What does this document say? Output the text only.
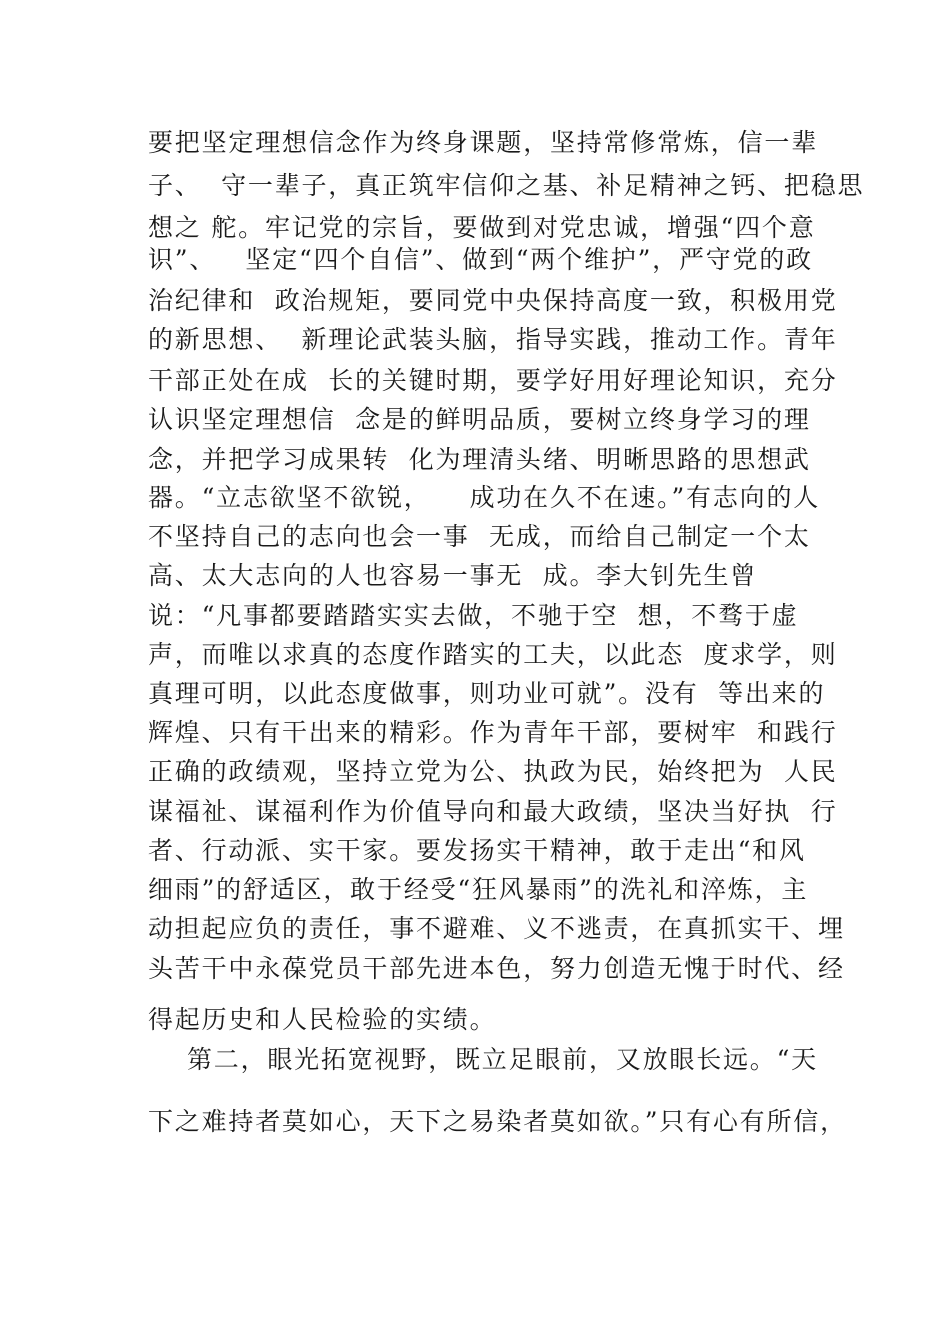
要把坚定理想信念作为终身课题，坚持常修常炼，信一辈
子、  守一辈子，真正筑牢信仰之基、补足精神之钙、把稳思
想之 舵。牢记党的宗旨，要做到对党忠诚，增强“四个意
识”、   坚定“四个自信”、做到“两个维护”，严守党的政
治纪律和  政治规矩，要同党中央保持高度一致，积极用党
的新思想、  新理论武装头脑，指导实践，推动工作。青年
干部正处在成  长的关键时期，要学好用好理论知识，充分
认识坚定理想信  念是的鲜明品质，要树立终身学习的理
念，并把学习成果转  化为理清头绪、明晰思路的思想武
器。“立志欲坚不欲锐，    成功在久不在速。”有志向的人
不坚持自己的志向也会一事  无成，而给自己制定一个太
高、太大志向的人也容易一事无  成。李大钊先生曾
说：“凡事都要踏踏实实去做，不驰于空  想，不骛于虚
声，而唯以求真的态度作踏实的工夫，以此态  度求学，则
真理可明，以此态度做事，则功业可就”。没有  等出来的
辉煌、只有干出来的精彩。作为青年干部，要树牢  和践行
正确的政绩观，坚持立党为公、执政为民，始终把为  人民
谋福祉、谋福利作为价值导向和最大政绩，坚决当好执  行
者、行动派、实干家。要发扬实干精神，敢于走出“和风
细雨”的舒适区，敢于经受“狂风暴雨”的洗礼和淬炼，主
动担起应负的责任，事不避难、义不逃责，在真抓实干、埋
头苦干中永葆党员干部先进本色，努力创造无愧于时代、经
得起历史和人民检验的实绩。
第二，眼光拓宽视野，既立足眼前，又放眼长远。“天
下之难持者莫如心，天下之易染者莫如欲。”只有心有所信，
